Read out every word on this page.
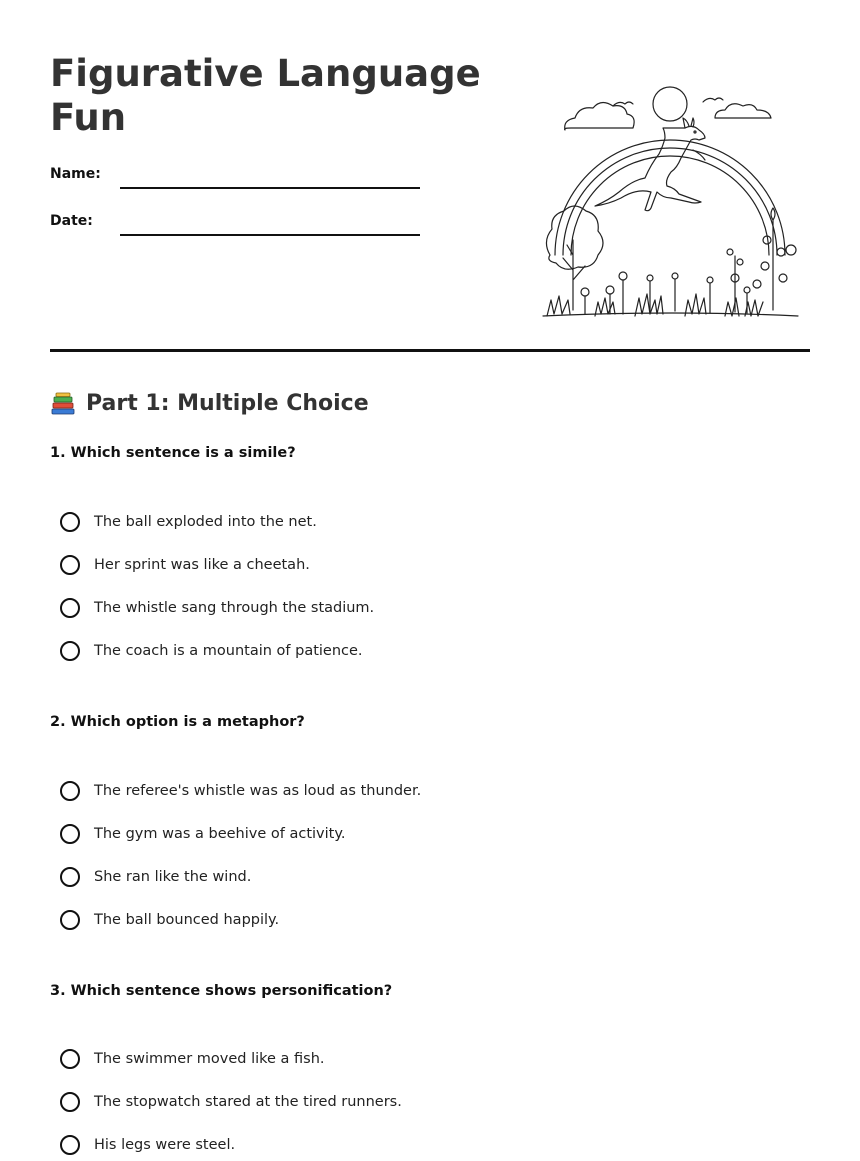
Figurative Language Fun
Name:
Date:
Part 1: Multiple Choice

1. Which sentence is a simile?

The ball exploded into the net.
Her sprint was like a cheetah.
The whistle sang through the stadium.
The coach is a mountain of patience.

2. Which option is a metaphor?

The referee's whistle was as loud as thunder.
The gym was a beehive of activity.
She ran like the wind.
The ball bounced happily.

3. Which sentence shows personification?

The swimmer moved like a fish.
The stopwatch stared at the tired runners.
His legs were steel.
